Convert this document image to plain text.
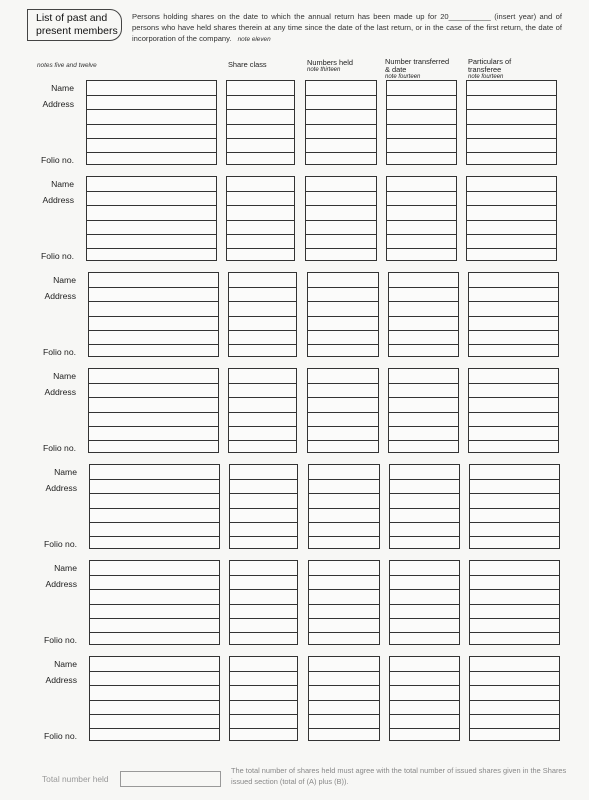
List of past and
present members
Persons holding shares on the date to which the annual return has been made up for 20__________ (insert year) and of persons who have held shares therein at any time since the date of the last return, or in the case of the first return, the date of incorporation of the company. note eleven
notes five and twelve	Share class	Numbers held
note thirteen
Number transferred
& date
note fourteen
Particulars of
transferee
note fourteen
Name
Address
Folio no.
Name
Address
Folio no.
Name
Address
Folio no.
Name
Address
Folio no.
Name
Address
Folio no.
Name
Address
Folio no.
Name
Address
Folio no.
Total number held
The total number of shares held must agree with the total number of issued shares given in the Shares issued section (total of (A) plus (B)).
